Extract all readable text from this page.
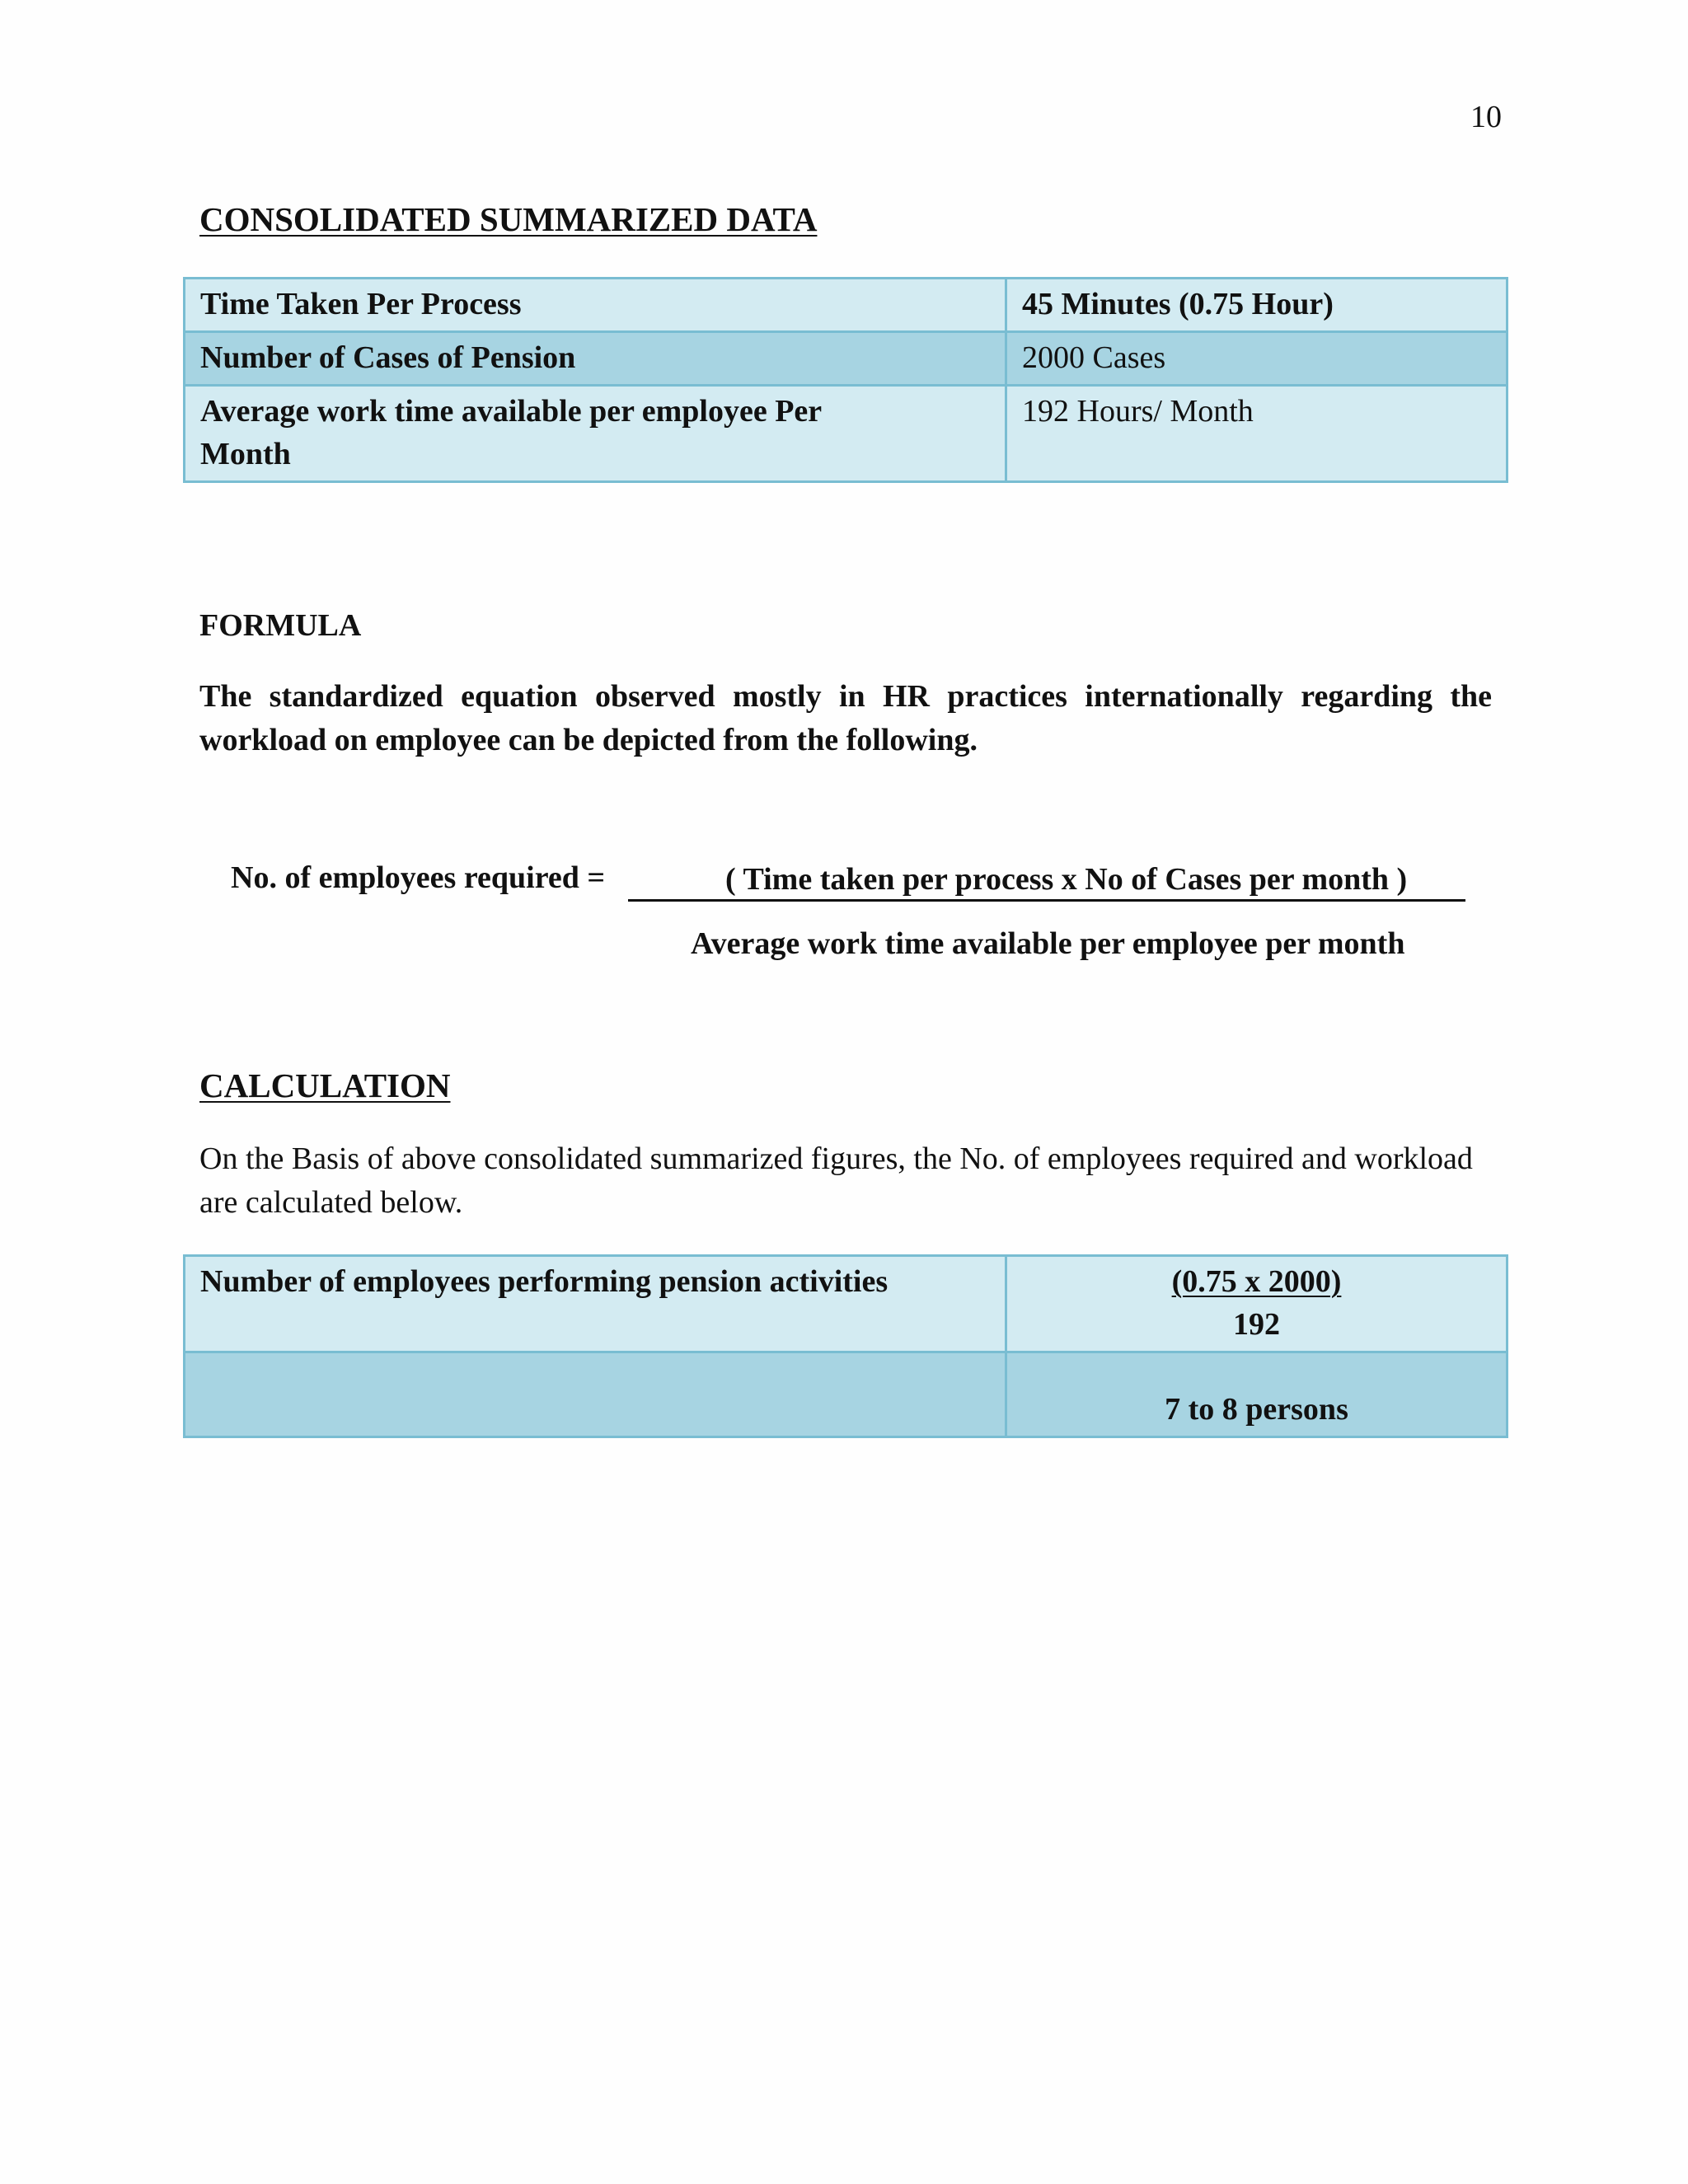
10
CONSOLIDATED SUMMARIZED DATA
Time Taken Per Process	45 Minutes (0.75 Hour)
Number of Cases of Pension	2000 Cases
Average work time available per employee Per Month	192 Hours/ Month
FORMULA

The standardized equation observed mostly in HR practices internationally regarding the workload on employee can be depicted from the following.

No. of employees required =	( Time taken per process x No of Cases per month )
Average work time available per employee per month
CALCULATION

On the Basis of above consolidated summarized figures, the No. of employees required and workload are calculated below.

Number of employees performing pension activities	(0.75 x 2000)
192
	7 to 8 persons
